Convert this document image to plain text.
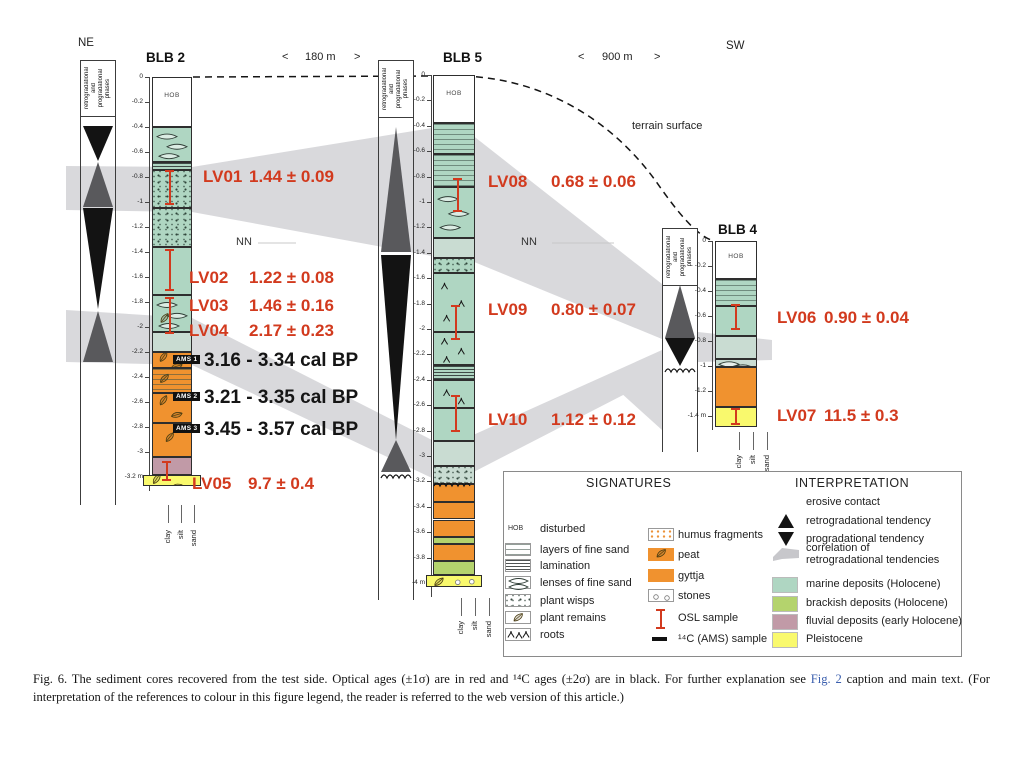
NE	SW
terrain surface
SIGNATURES	INTERPRETATION
Fig. 6. The sediment cores recovered from the test side. Optical ages (±1σ) are in red and ¹⁴C ages (±2σ) are in black. For further explanation see Fig. 2 caption and main text. (For interpretation of the references to colour in this figure legend, the reader is referred to the web version of this article.)
NN	NN
< 180 m >	< 900 m >
retrogradational and progradational phases	retrogradational and progradational phases
retrogradational and progradational phases
BLB 2
0
-0.2
-0.4
-0.6
-0.8
-1
-1.2
-1.4
-1.6
-1.8
-2
-2.2
-2.4
-2.6
-2.8
-3
-3.2 m
HOB
LV01 1.44 ± 0.09
LV02 1.22 ± 0.08
LV03 1.46 ± 0.16
LV04 2.17 ± 0.23
LV05 9.7 ± 0.4
clay silt sand
BLB 5
0
-0.2
-0.4
-0.6
-0.8
-1
-1.2
-1.4
-1.6
-1.8
-2
-2.2
-2.4
-2.6
-2.8
-3
-3.2
-3.4
-3.6
-3.8
-4 m
HOB
LV08 0.68 ± 0.06
LV09 0.80 ± 0.07
LV10 1.12 ± 0.12
clay silt sand
BLB 4
0
-0.2
-0.4
-0.6
-0.8
-1
-1.2
-1.4 m
HOB
LV06 0.90 ± 0.04
LV07 11.5 ± 0.3
clay silt sand
AMS 1 3.16 - 3.34 cal BP
AMS 2 3.21 - 3.35 cal BP
AMS 3 3.45 - 3.57 cal BP
HOB disturbed
layers of fine sand
lamination
lenses of fine sand
plant wisps
plant remains
roots
humus fragments
peat
gyttja
stones
OSL sample
¹⁴C (AMS) sample
erosive contact
retrogradational tendency
progradational tendency
correlation of
retrogradational tendencies
marine deposits (Holocene)
brackish deposits (Holocene)
fluvial deposits (early Holocene)
Pleistocene
